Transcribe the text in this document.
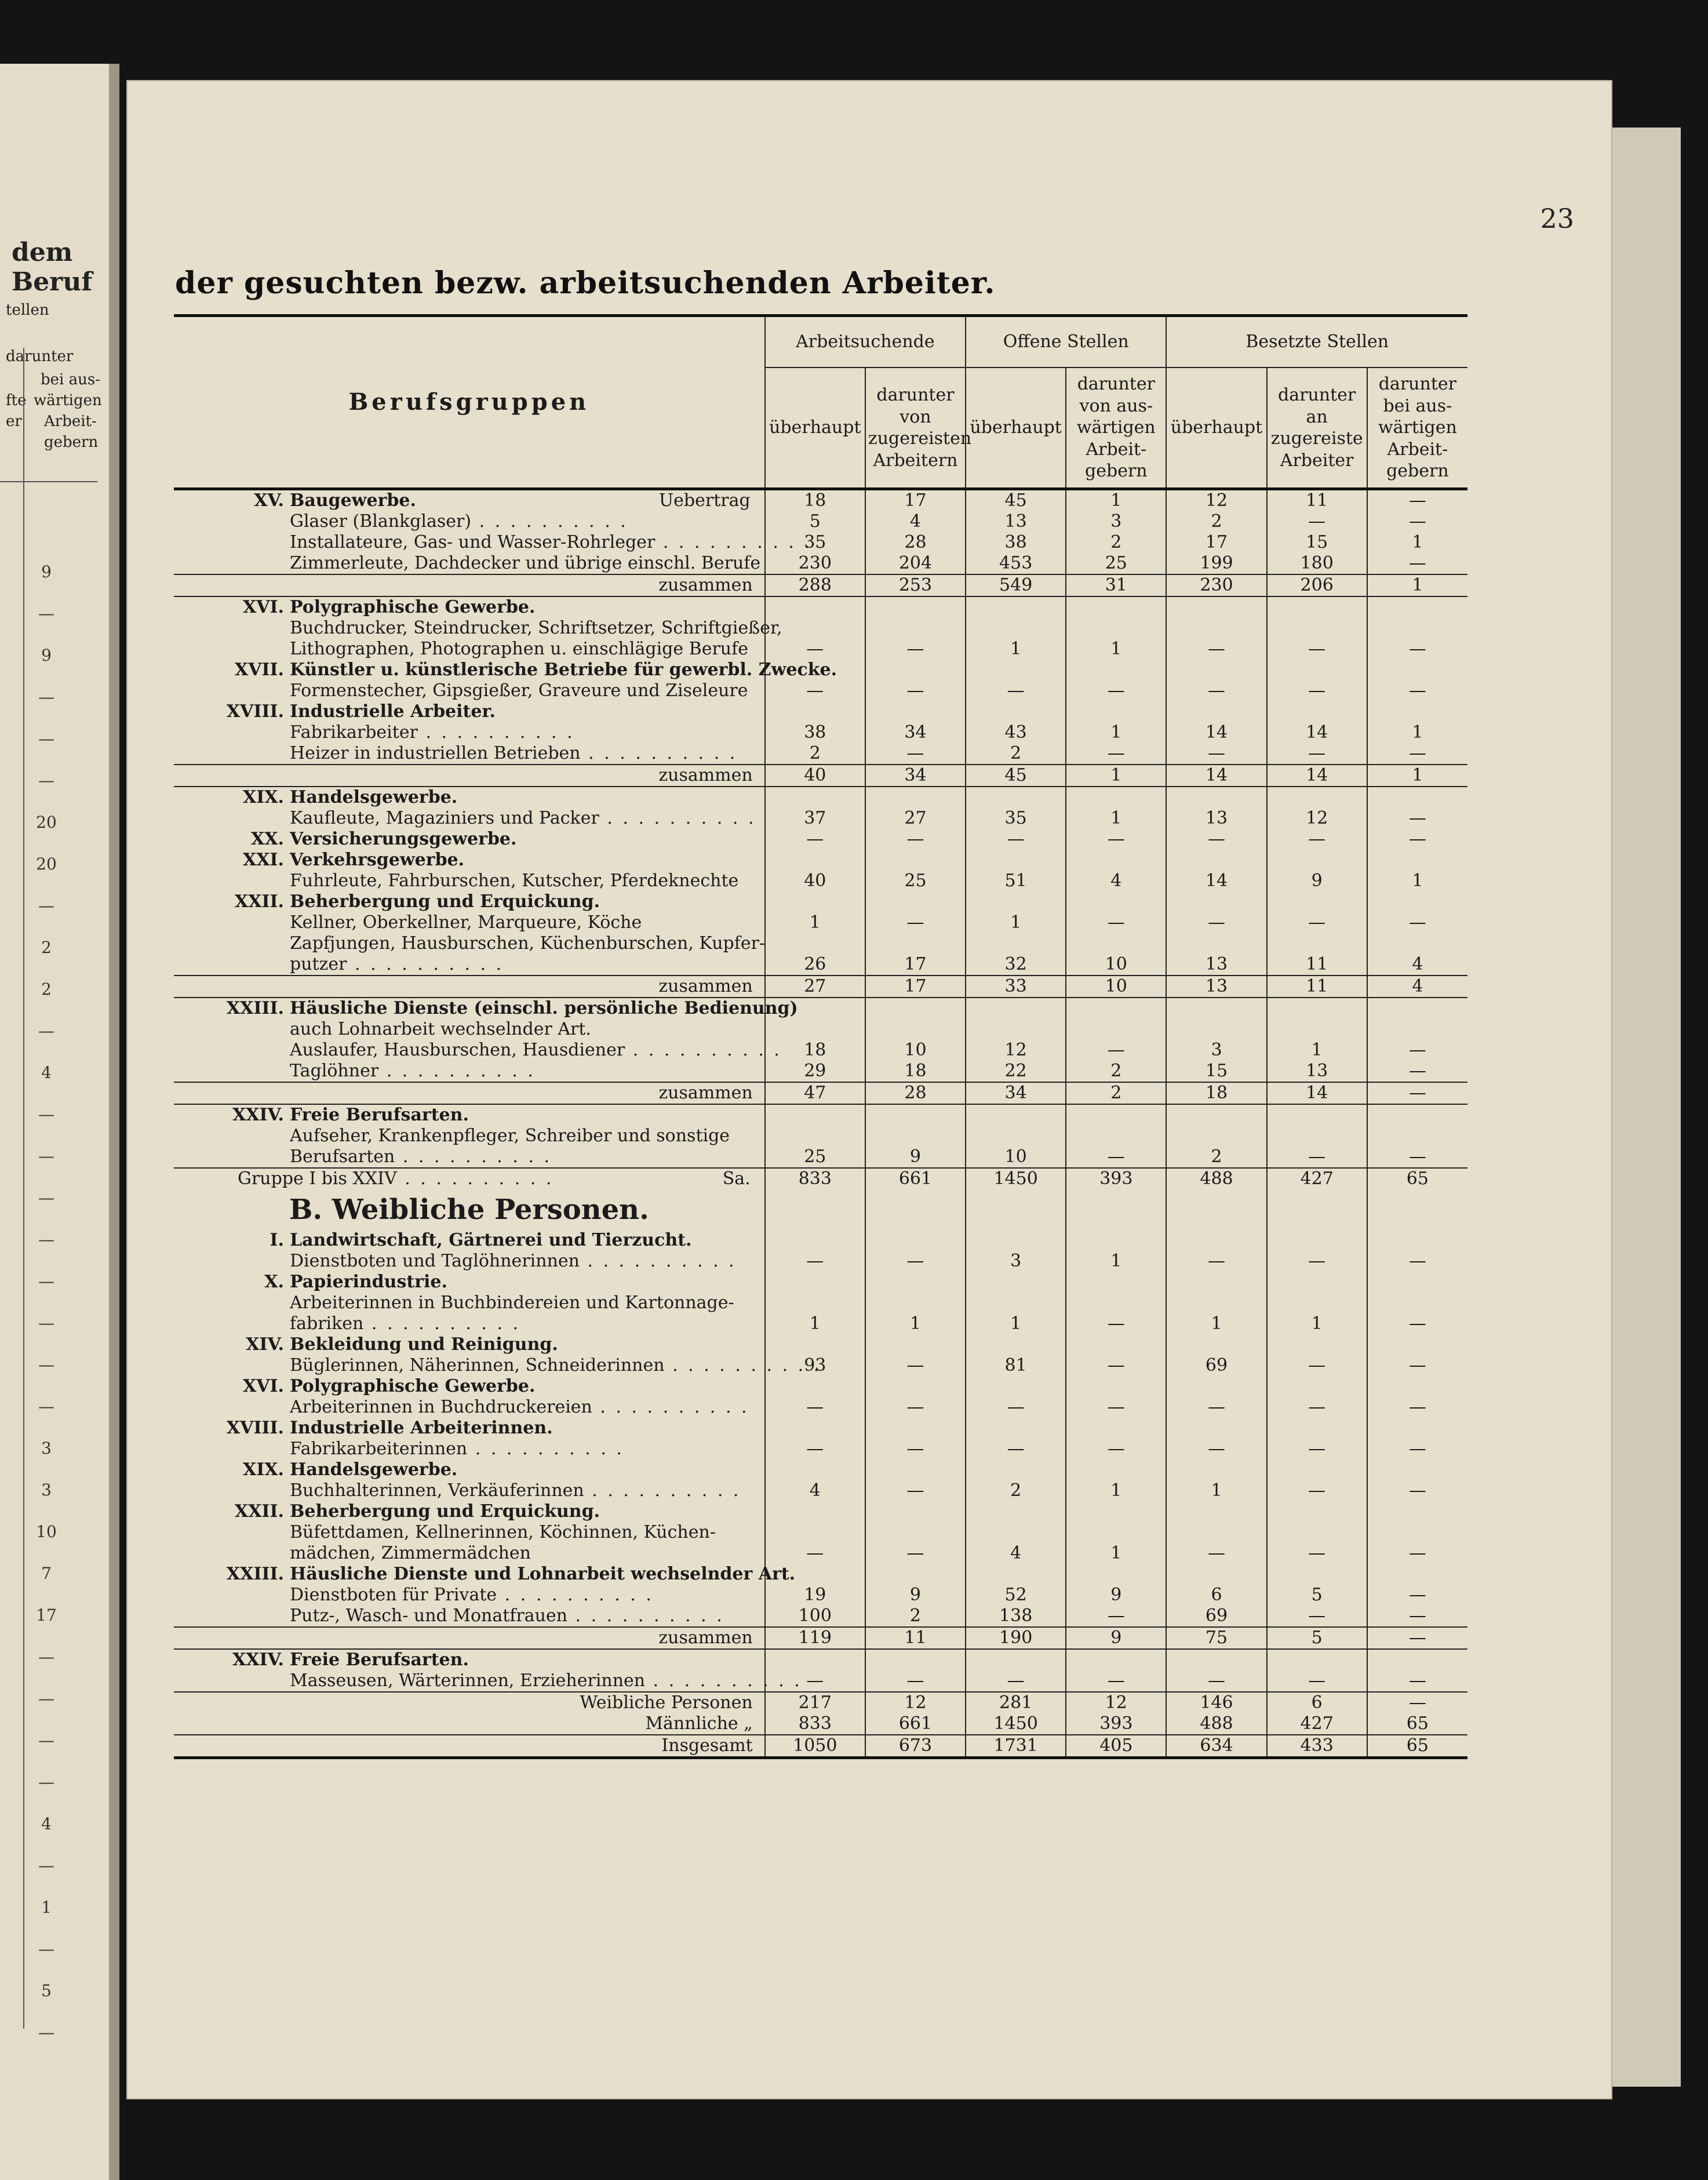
dem Beruf
tellen
darunter
bei aus-
wärtigen
Arbeit-
gebern
fte
er
9
—
9
—
—
—
20
20
—
2
2
—
4
—
—
—
—
—
—
—
—
3
3
10
7
17
—
—
—
—
4
—
1
—
5
—
23
der gesuchten bezw. arbeitsuchenden Arbeiter.
Berufsgruppen	Arbeitsuchende		Offene Stellen		Besetzte Stellen		
	überhaupt	darunter von zugereisten Arbeitern	überhaupt	darunter von aus-wärtigen Arbeit-gebern	überhaupt	darunter an zugereiste Arbeiter	darunter bei aus-wärtigen Arbeit-gebern
XV. Baugewerbe. Uebertrag	18	17	45	1	12	11	—
Glaser (Blankglaser) . . .	5	4	13	3	2	—	—
Installateure, Gas- und Wasser-Rohrleger . . .	35	28	38	2	17	15	1
Zimmerleute, Dachdecker und übrige einschl. Berufe	230	204	453	25	199	180	—

zusammen	288	253	549	31	230	206	1
XVI. Polygraphische Gewerbe.							
Buchdrucker, Steindrucker, Schriftsetzer, Schriftgießer,							
Lithographen, Photographen u. einschlägige Berufe	—	—	1	1	—	—	—
XVII. Künstler u. künstlerische Betriebe für gewerbl. Zwecke.							
Formenstecher, Gipsgießer, Graveure und Ziseleure	—	—	—	—	—	—	—
XVIII. Industrielle Arbeiter.							
Fabrikarbeiter . . .	38	34	43	1	14	14	1
Heizer in industriellen Betrieben . . .	2	—	2	—	—	—	—

zusammen	40	34	45	1	14	14	1
XIX. Handelsgewerbe.							
Kaufleute, Magaziniers und Packer . . .	37	27	35	1	13	12	—
XX. Versicherungsgewerbe.	—	—	—	—	—	—	—
XXI. Verkehrsgewerbe.							
Fuhrleute, Fahrburschen, Kutscher, Pferdeknechte	40	25	51	4	14	9	1
XXII. Beherbergung und Erquickung.							
Kellner, Oberkellner, Marqueure, Köche	1	—	1	—	—	—	—
Zapfjungen, Hausburschen, Küchenburschen, Kupfer-							
putzer . . .	26	17	32	10	13	11	4

zusammen	27	17	33	10	13	11	4
XXIII. Häusliche Dienste (einschl. persönliche Bedienung)							
auch Lohnarbeit wechselnder Art.							
Auslaufer, Hausburschen, Hausdiener . . .	18	10	12	—	3	1	—
Taglöhner . . .	29	18	22	2	15	13	—

zusammen	47	28	34	2	18	14	—
XXIV. Freie Berufsarten.							
Aufseher, Krankenpfleger, Schreiber und sonstige							
Berufsarten . . .	25	9	10	—	2	—	—
Gruppe I bis XXIV . . . Sa.	833	661	1450	393	488	427	65
B. Weibliche Personen.							
I. Landwirtschaft, Gärtnerei und Tierzucht.							
Dienstboten und Taglöhnerinnen . . .	—	—	3	1	—	—	—
X. Papierindustrie.							
Arbeiterinnen in Buchbindereien und Kartonnage-							
fabriken . . .	1	1	1	—	1	1	—
XIV. Bekleidung und Reinigung.							
Büglerinnen, Näherinnen, Schneiderinnen . . .	93	—	81	—	69	—	—
XVI. Polygraphische Gewerbe.							
Arbeiterinnen in Buchdruckereien . . .	—	—	—	—	—	—	—
XVIII. Industrielle Arbeiterinnen.							
Fabrikarbeiterinnen . . .	—	—	—	—	—	—	—
XIX. Handelsgewerbe.							
Buchhalterinnen, Verkäuferinnen . . .	4	—	2	1	1	—	—
XXII. Beherbergung und Erquickung.							
Büfettdamen, Kellnerinnen, Köchinnen, Küchen-							
mädchen, Zimmermädchen	—	—	4	1	—	—	—
XXIII. Häusliche Dienste und Lohnarbeit wechselnder Art.							
Dienstboten für Private . . .	19	9	52	9	6	5	—
Putz-, Wasch- und Monatfrauen . . .	100	2	138	—	69	—	—

zusammen	119	11	190	9	75	5	—
XXIV. Freie Berufsarten.							
Masseusen, Wärterinnen, Erzieherinnen . . .	—	—	—	—	—	—	—

Weibliche Personen	217	12	281	12	146	6	—

Männliche „	833	661	1450	393	488	427	65

Insgesamt	1050	673	1731	405	634	433	65
